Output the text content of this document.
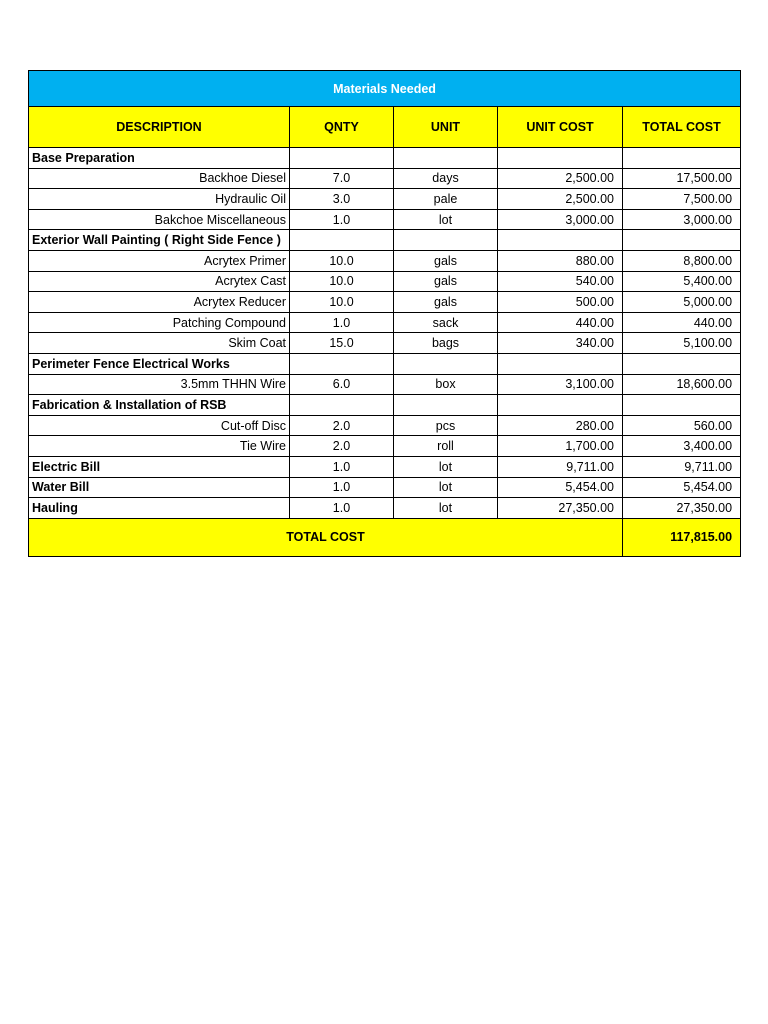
Materials Needed				
DESCRIPTION	QNTY	UNIT	UNIT COST	TOTAL COST
Base Preparation				
Backhoe Diesel	7.0	days	2,500.00	17,500.00
Hydraulic Oil	3.0	pale	2,500.00	7,500.00
Bakchoe Miscellaneous	1.0	lot	3,000.00	3,000.00
Exterior Wall Painting ( Right Side Fence )				
Acrytex Primer	10.0	gals	880.00	8,800.00
Acrytex Cast	10.0	gals	540.00	5,400.00
Acrytex Reducer	10.0	gals	500.00	5,000.00
Patching Compound	1.0	sack	440.00	440.00
Skim Coat	15.0	bags	340.00	5,100.00
Perimeter Fence Electrical Works				
3.5mm THHN Wire	6.0	box	3,100.00	18,600.00
Fabrication & Installation of RSB				
Cut-off Disc	2.0	pcs	280.00	560.00
Tie Wire	2.0	roll	1,700.00	3,400.00
Electric Bill	1.0	lot	9,711.00	9,711.00
Water Bill	1.0	lot	5,454.00	5,454.00
Hauling	1.0	lot	27,350.00	27,350.00
TOTAL COST				117,815.00
